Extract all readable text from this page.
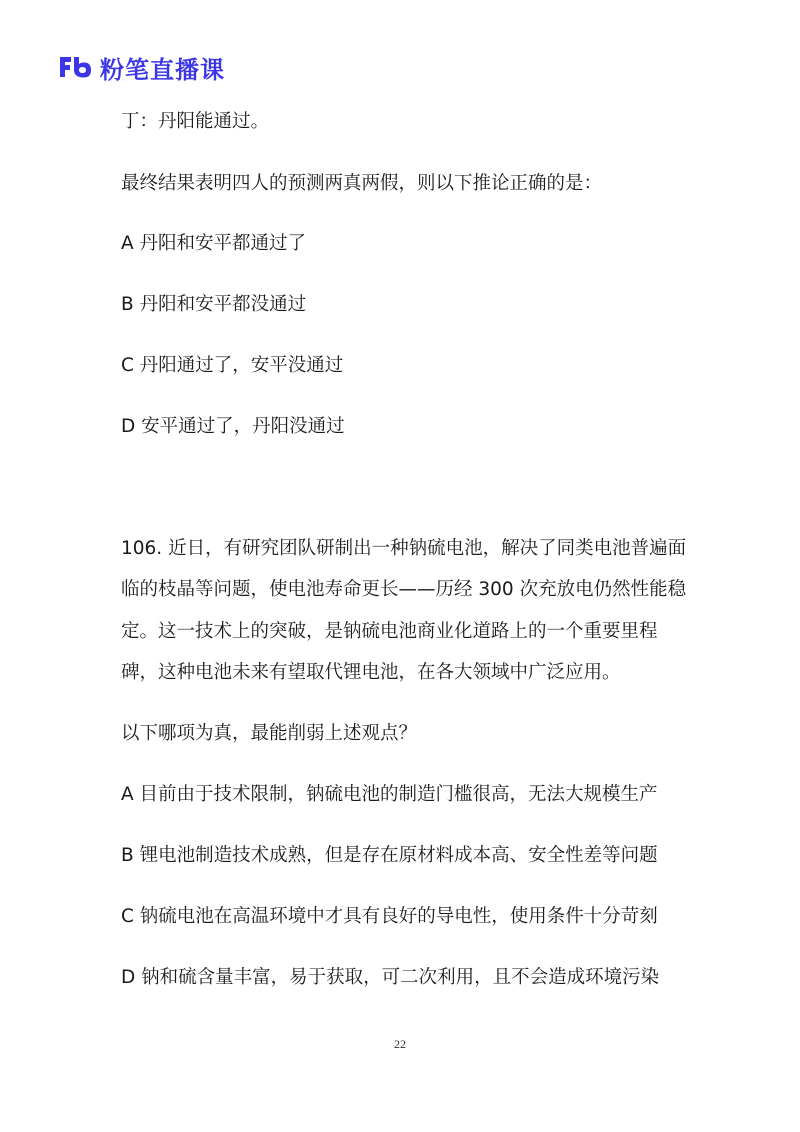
粉笔直播课
丁：丹阳能通过。
最终结果表明四人的预测两真两假，则以下推论正确的是：
A 丹阳和安平都通过了
B 丹阳和安平都没通过
C 丹阳通过了，安平没通过
D 安平通过了，丹阳没通过
106. 近日，有研究团队研制出一种钠硫电池，解决了同类电池普遍面
临的枝晶等问题，使电池寿命更长——历经 300 次充放电仍然性能稳
定。这一技术上的突破，是钠硫电池商业化道路上的一个重要里程
碑，这种电池未来有望取代锂电池，在各大领域中广泛应用。
以下哪项为真，最能削弱上述观点？
A 目前由于技术限制，钠硫电池的制造门槛很高，无法大规模生产
B 锂电池制造技术成熟，但是存在原材料成本高、安全性差等问题
C 钠硫电池在高温环境中才具有良好的导电性，使用条件十分苛刻
D 钠和硫含量丰富，易于获取，可二次利用，且不会造成环境污染
22
